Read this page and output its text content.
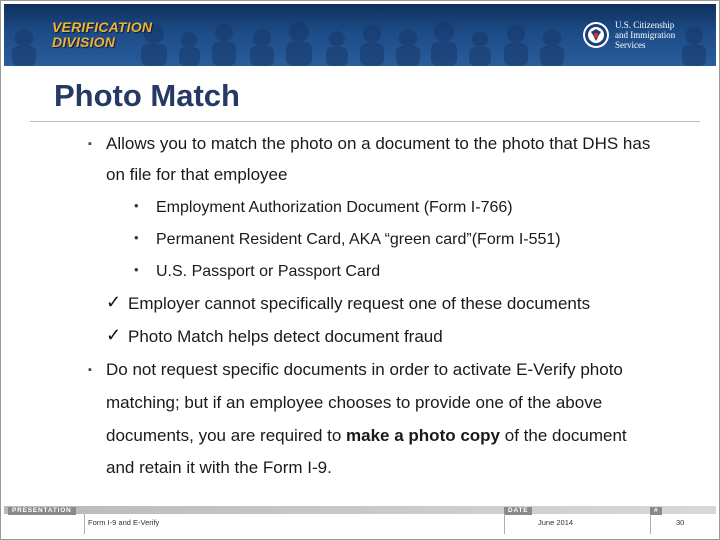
VERIFICATION
DIVISION
U.S. Citizenship
and Immigration
Services
Photo Match
▪ Allows you to match the photo on a document to the photo that DHS has
on file for that employee
• Employment Authorization Document (Form I-766)
• Permanent Resident Card, AKA “green card”(Form I-551)
• U.S. Passport or Passport Card
✓ Employer cannot specifically request one of these documents
✓ Photo Match helps detect document fraud
▪ Do not request specific documents in order to activate E-Verify photo
matching; but if an employee chooses to provide one of the above
documents, you are required to make a photo copy of the document
and retain it with the Form I-9.
PRESENTATION
Form I-9 and E-Verify
DATE
June 2014
#
30
